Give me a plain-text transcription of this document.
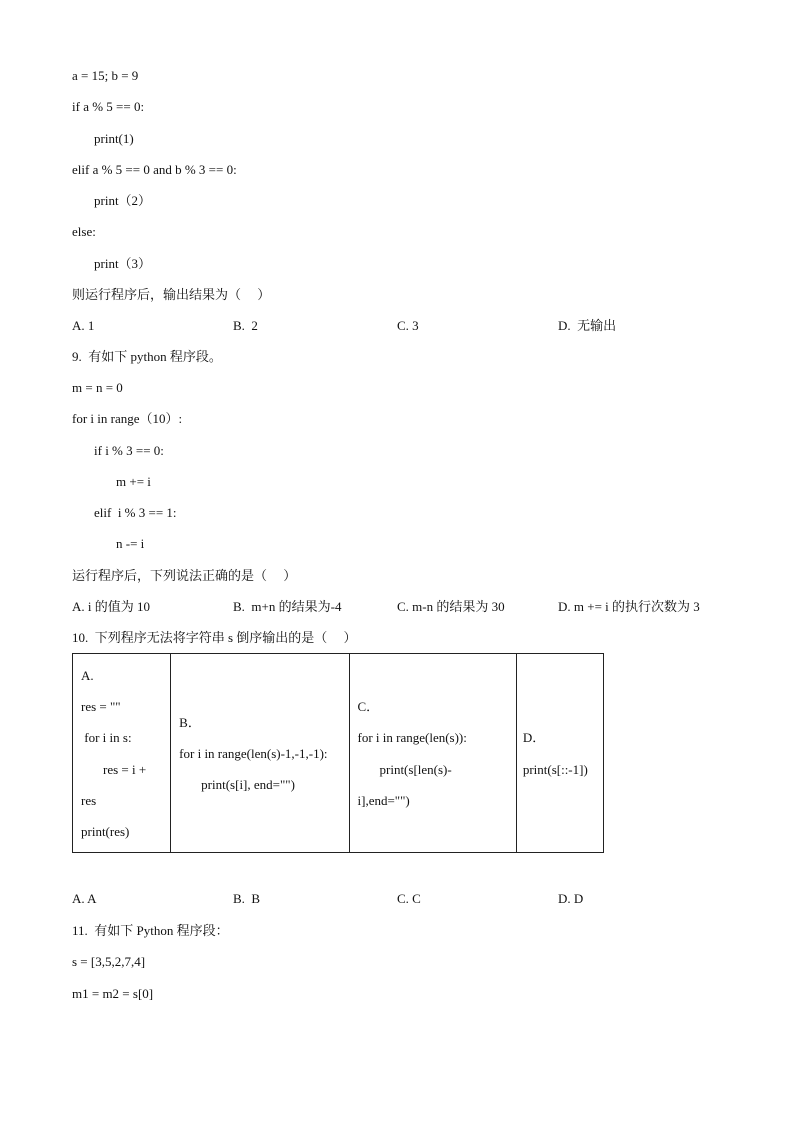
a = 15; b = 9
if a % 5 == 0:
print(1)
elif a % 5 == 0 and b % 3 == 0:
print（2）
else:
print（3）
则运行程序后，输出结果为（     ）
A. 1	B.  2	C. 3	D.  无输出
9.  有如下 python 程序段。
m = n = 0
for i in range（10）:
if i % 3 == 0:
m += i
elif  i % 3 == 1:
n -= i
运行程序后，下列说法正确的是（     ）
A. i 的值为 10	B.  m+n 的结果为-4	C. m-n 的结果为 30	D. m += i 的执行次数为 3
10.  下列程序无法将字符串 s 倒序输出的是（     ）
A.
res = ""
for i in s:
res = i +
res
print(res)

B．
for i in range(len(s)-1,-1,-1):
print(s[i], end="")

C．
for i in range(len(s)):
print(s[len(s)-
i],end="")

D．
print(s[::-1])
A. A	B.  B	C. C	D. D
11.  有如下 Python 程序段：
s = [3,5,2,7,4]
m1 = m2 = s[0]
